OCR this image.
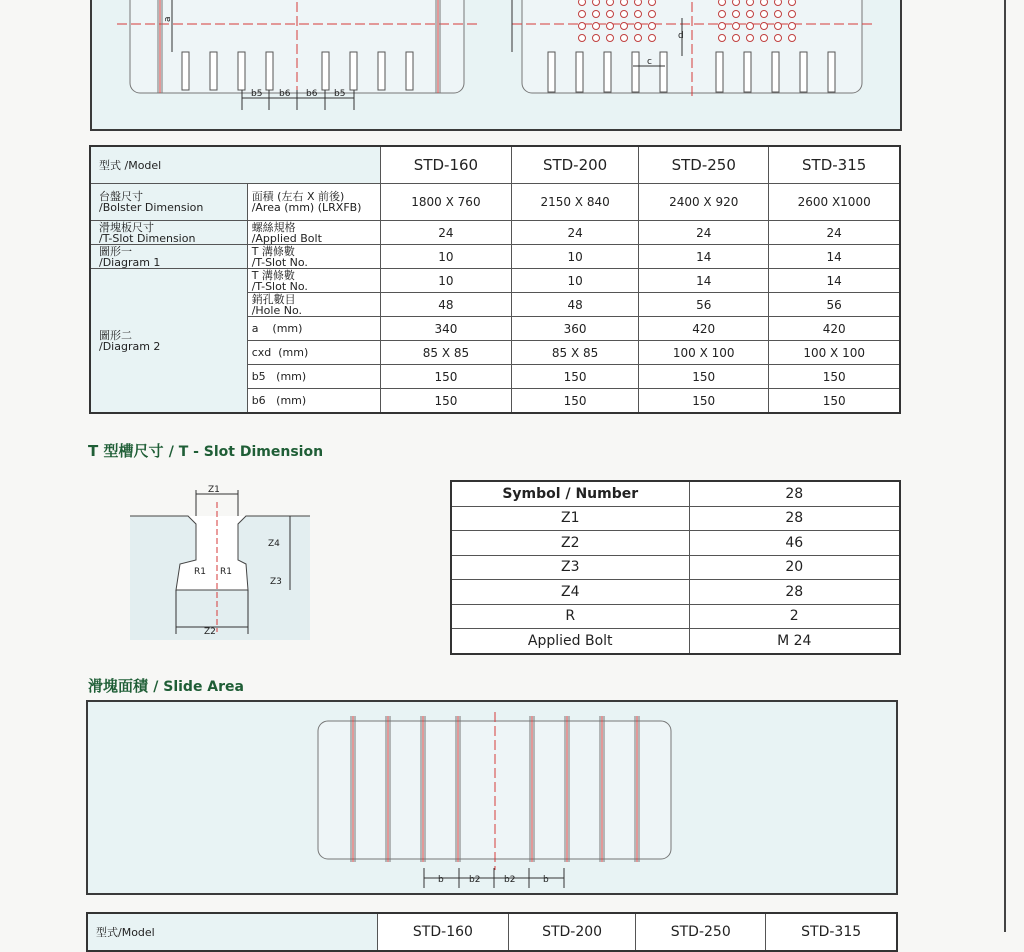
a
b5 b6 b6 b5
c
d
型式 /Model		STD-160	STD-200	STD-250	STD-315
台盤尺寸
/Bolster Dimension	面積 (左右 X 前後)
/Area (mm) (LRXFB)	1800 X 760	2150 X 840	2400 X 920	2600 X1000
滑塊板尺寸
/T-Slot Dimension	螺絲規格
/Applied Bolt	24	24	24	24
圖形一
/Diagram 1	T 溝條數
/T-Slot No.	10	10	14	14
圖形二
/Diagram 2	T 溝條數
/T-Slot No.	10	10	14	14
	銷孔數目
/Hole No.	48	48	56	56
	a    (mm)	340	360	420	420
	cxd  (mm)	85 X 85	85 X 85	100 X 100	100 X 100
	b5   (mm)	150	150	150	150
	b6   (mm)	150	150	150	150
T 型槽尺寸 / T - Slot Dimension
Z1
Z4
Z3
R1 R1
Z2
Symbol / Number	28
Z1	28
Z2	46
Z3	20
Z4	28
R	2
Applied Bolt	M 24
滑塊面積 / Slide Area
b	b2	b2	b
型式/Model	STD-160	STD-200	STD-250	STD-315
